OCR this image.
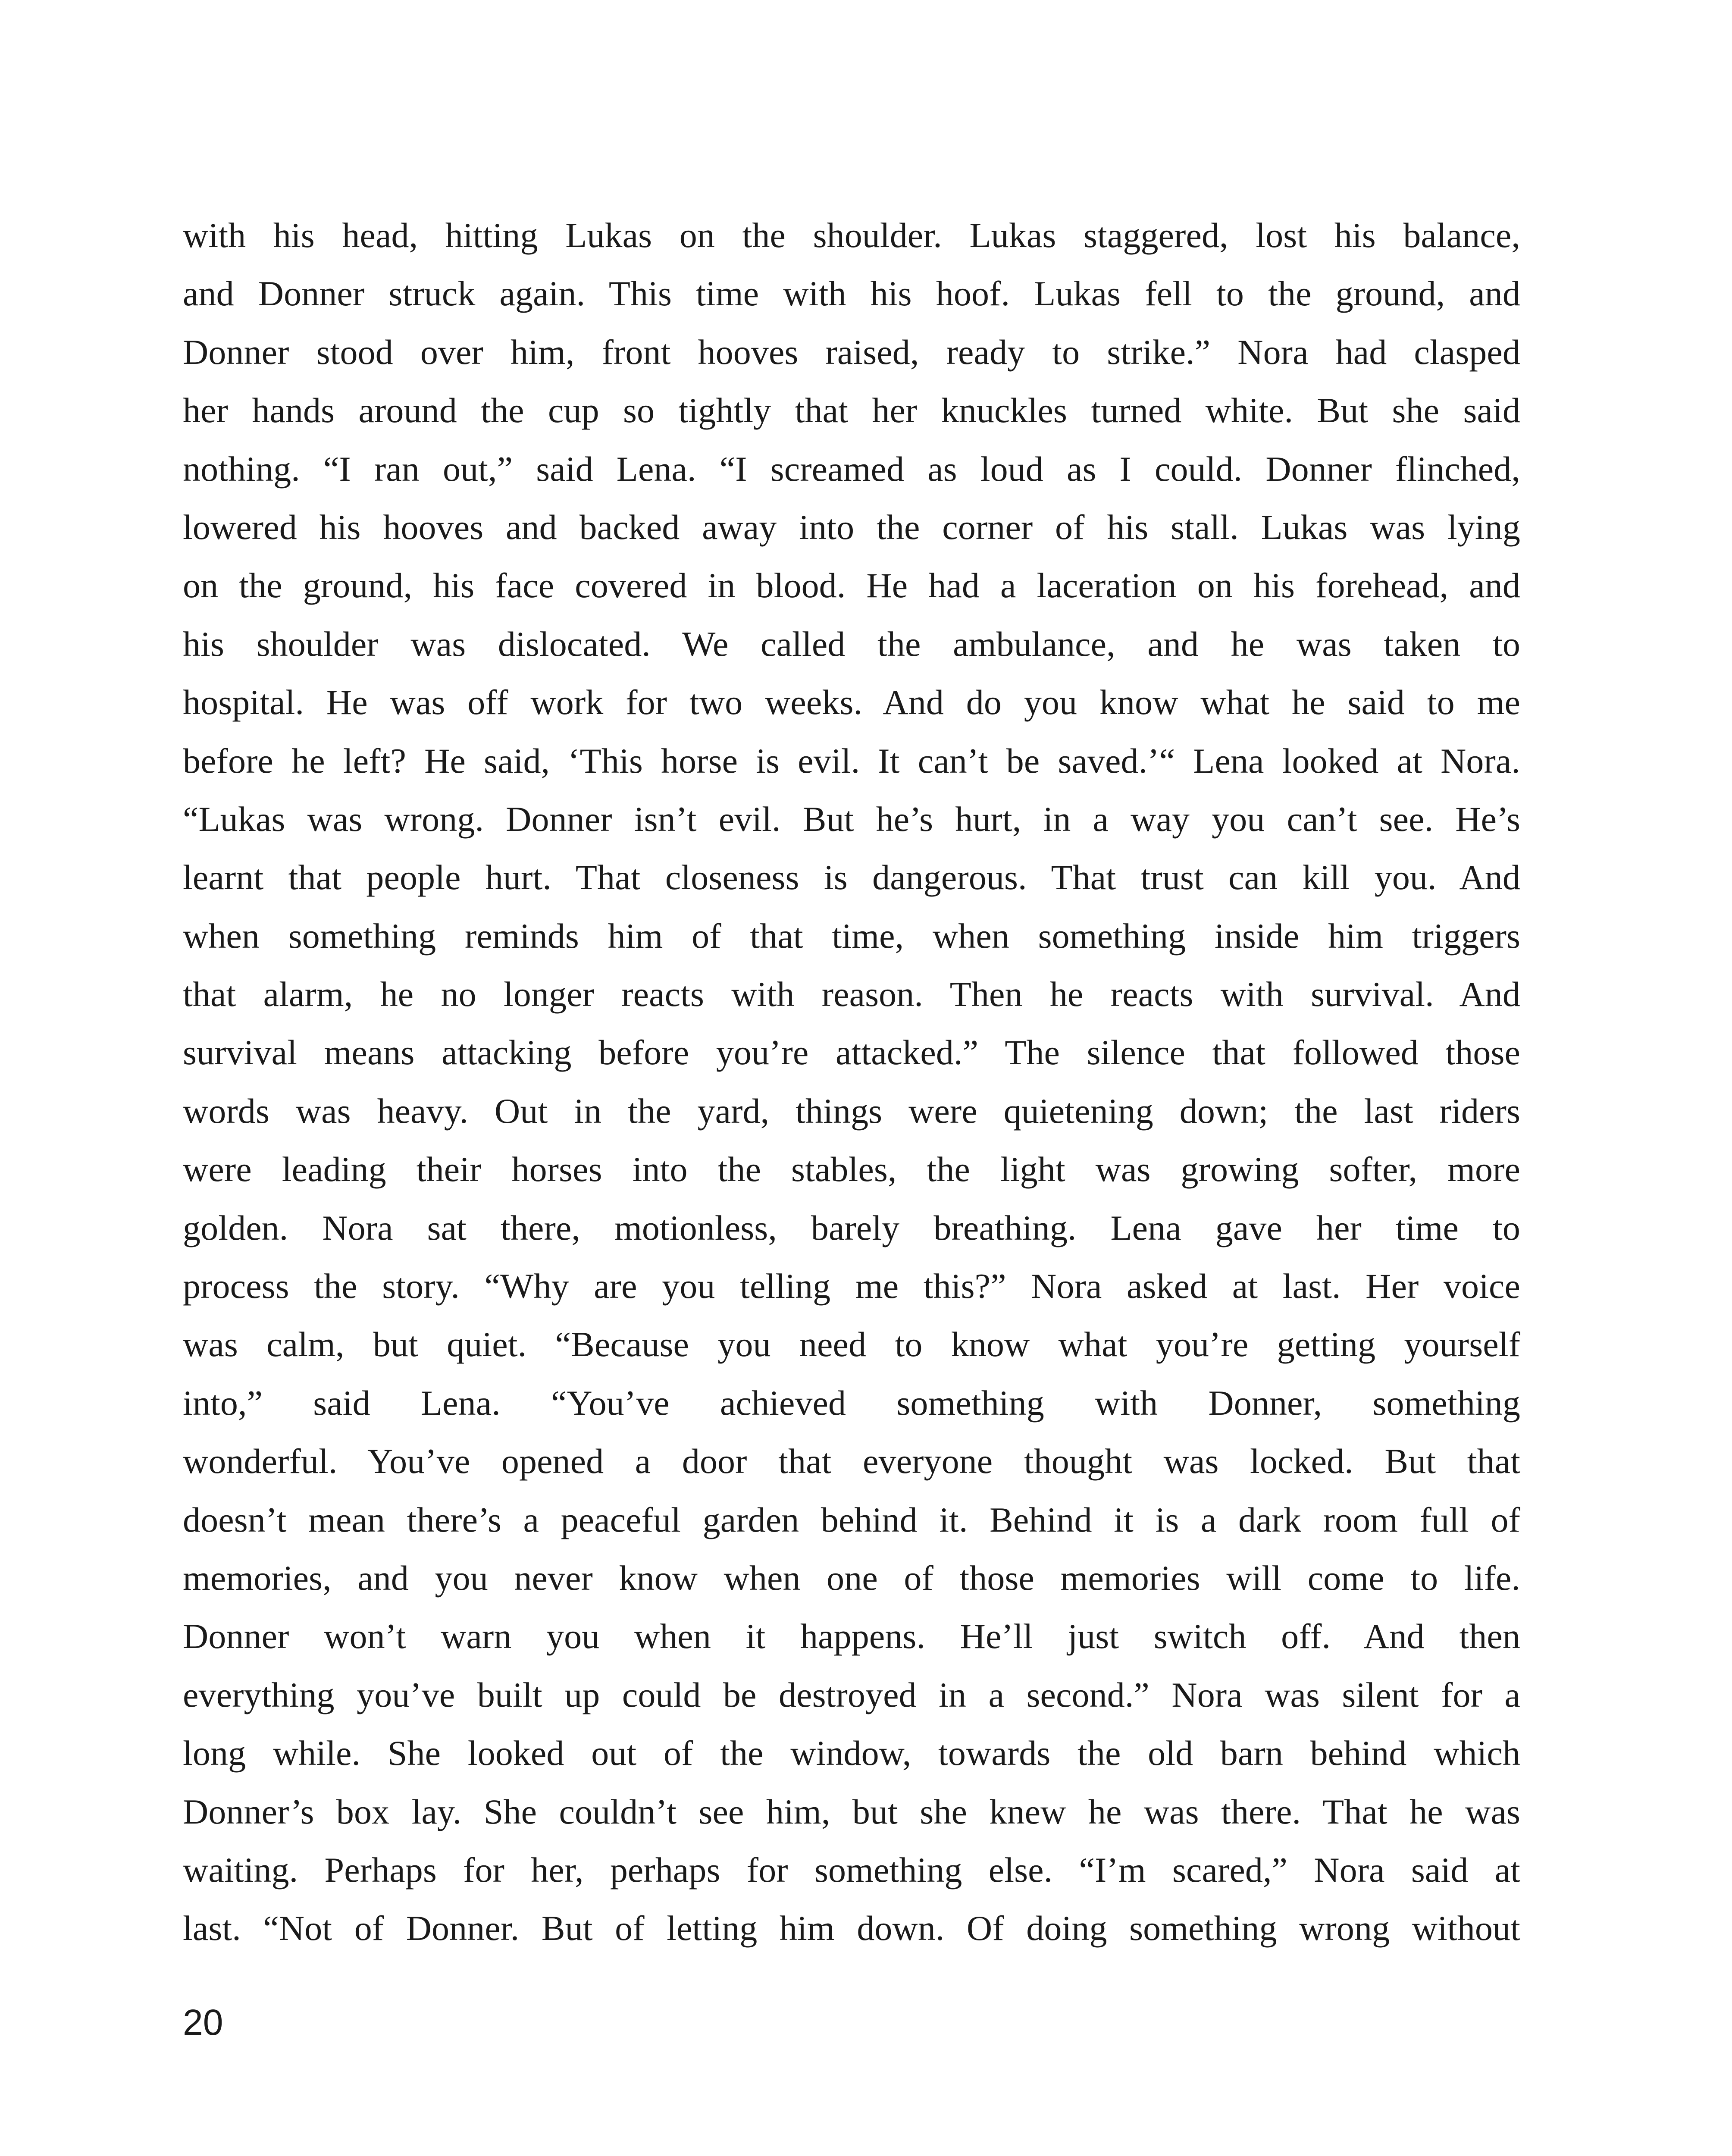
with his head, hitting Lukas on the shoulder. Lukas staggered, lost his balance,
and Donner struck again. This time with his hoof. Lukas fell to the ground, and
Donner stood over him, front hooves raised, ready to strike.” Nora had clasped
her hands around the cup so tightly that her knuckles turned white. But she said
nothing. “I ran out,” said Lena. “I screamed as loud as I could. Donner flinched,
lowered his hooves and backed away into the corner of his stall. Lukas was lying
on the ground, his face covered in blood. He had a laceration on his forehead, and
his shoulder was dislocated. We called the ambulance, and he was taken to
hospital. He was off work for two weeks. And do you know what he said to me
before he left? He said, ‘This horse is evil. It can’t be saved.’“ Lena looked at Nora.
“Lukas was wrong. Donner isn’t evil. But he’s hurt, in a way you can’t see. He’s
learnt that people hurt. That closeness is dangerous. That trust can kill you. And
when something reminds him of that time, when something inside him triggers
that alarm, he no longer reacts with reason. Then he reacts with survival. And
survival means attacking before you’re attacked.” The silence that followed those
words was heavy. Out in the yard, things were quietening down; the last riders
were leading their horses into the stables, the light was growing softer, more
golden. Nora sat there, motionless, barely breathing. Lena gave her time to
process the story. “Why are you telling me this?” Nora asked at last. Her voice
was calm, but quiet. “Because you need to know what you’re getting yourself
into,” said Lena. “You’ve achieved something with Donner, something
wonderful. You’ve opened a door that everyone thought was locked. But that
doesn’t mean there’s a peaceful garden behind it. Behind it is a dark room full of
memories, and you never know when one of those memories will come to life.
Donner won’t warn you when it happens. He’ll just switch off. And then
everything you’ve built up could be destroyed in a second.” Nora was silent for a
long while. She looked out of the window, towards the old barn behind which
Donner’s box lay. She couldn’t see him, but she knew he was there. That he was
waiting. Perhaps for her, perhaps for something else. “I’m scared,” Nora said at
last. “Not of Donner. But of letting him down. Of doing something wrong without
20
